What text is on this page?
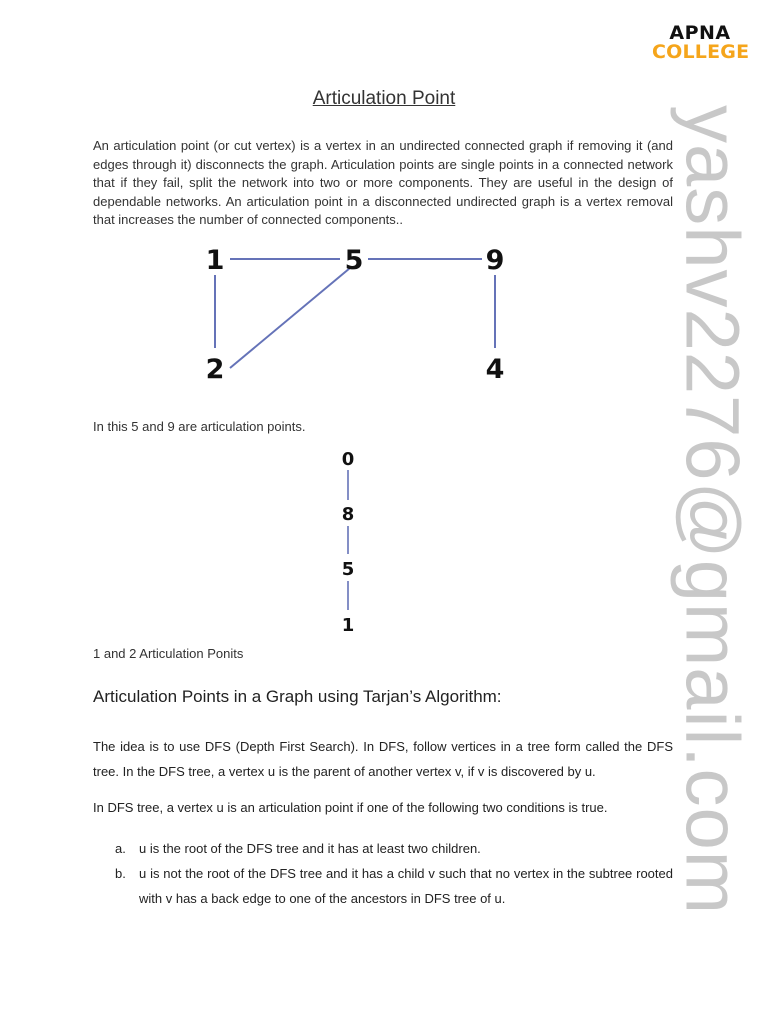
APNA
COLLEGE
Articulation Point

An articulation point (or cut vertex) is a vertex in an undirected connected graph if removing it (and edges through it) disconnects the graph. Articulation points are single points in a connected network that if they fail, split the network into two or more components. They are useful in the design of dependable networks. An articulation point in a disconnected undirected graph is a vertex removal that increases the number of connected components..

1	5	9
2	4
In this 5 and 9 are articulation points.
0
8
5
1
1 and 2 Articulation Ponits
Articulation Points in a Graph using Tarjan’s Algorithm:

The idea is to use DFS (Depth First Search). In DFS, follow vertices in a tree form called the DFS tree. In the DFS tree, a vertex u is the parent of another vertex v, if v is discovered by u.

In DFS tree, a vertex u is an articulation point if one of the following two conditions is true.

a. u is the root of the DFS tree and it has at least two children.
b. u is not the root of the DFS tree and it has a child v such that no vertex in the subtree rooted with v has a back edge to one of the ancestors in DFS tree of u.	yashv2276@gmail.com
